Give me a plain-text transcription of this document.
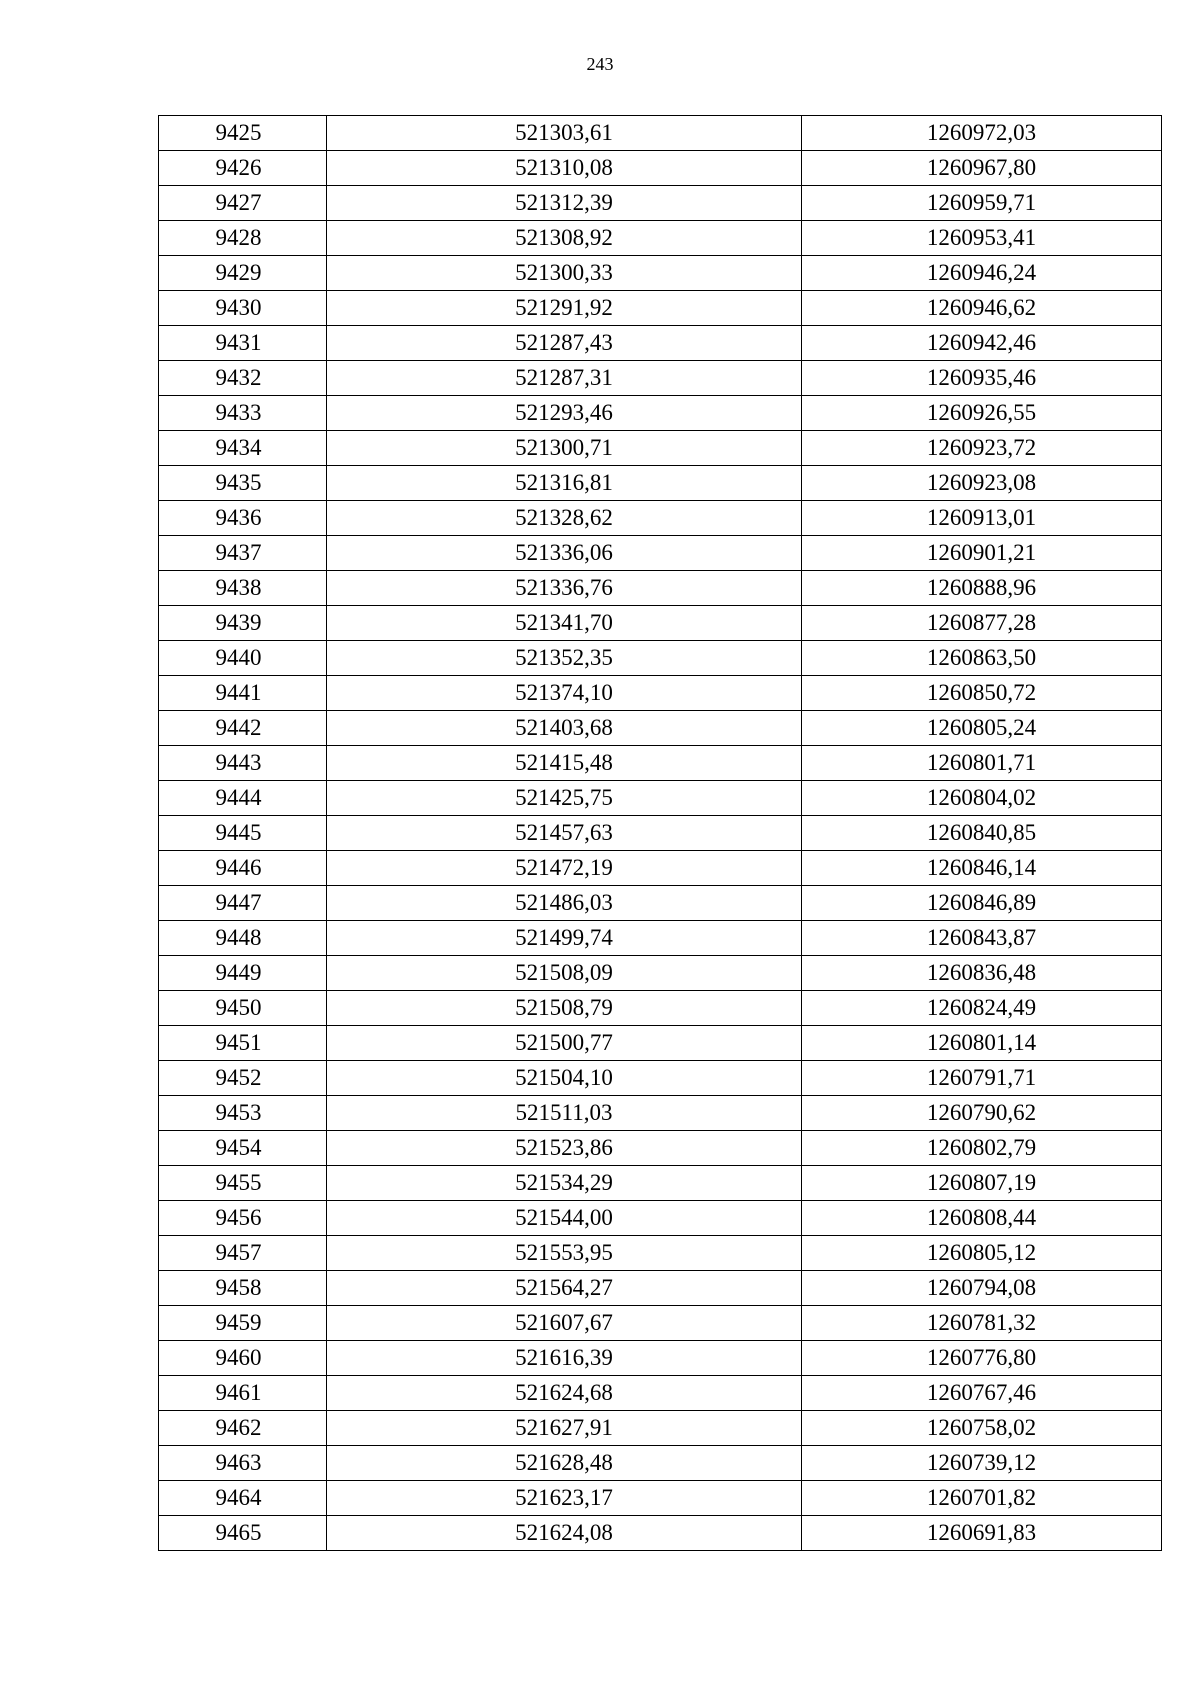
243
9425	521303,61	1260972,03
9426	521310,08	1260967,80
9427	521312,39	1260959,71
9428	521308,92	1260953,41
9429	521300,33	1260946,24
9430	521291,92	1260946,62
9431	521287,43	1260942,46
9432	521287,31	1260935,46
9433	521293,46	1260926,55
9434	521300,71	1260923,72
9435	521316,81	1260923,08
9436	521328,62	1260913,01
9437	521336,06	1260901,21
9438	521336,76	1260888,96
9439	521341,70	1260877,28
9440	521352,35	1260863,50
9441	521374,10	1260850,72
9442	521403,68	1260805,24
9443	521415,48	1260801,71
9444	521425,75	1260804,02
9445	521457,63	1260840,85
9446	521472,19	1260846,14
9447	521486,03	1260846,89
9448	521499,74	1260843,87
9449	521508,09	1260836,48
9450	521508,79	1260824,49
9451	521500,77	1260801,14
9452	521504,10	1260791,71
9453	521511,03	1260790,62
9454	521523,86	1260802,79
9455	521534,29	1260807,19
9456	521544,00	1260808,44
9457	521553,95	1260805,12
9458	521564,27	1260794,08
9459	521607,67	1260781,32
9460	521616,39	1260776,80
9461	521624,68	1260767,46
9462	521627,91	1260758,02
9463	521628,48	1260739,12
9464	521623,17	1260701,82
9465	521624,08	1260691,83
